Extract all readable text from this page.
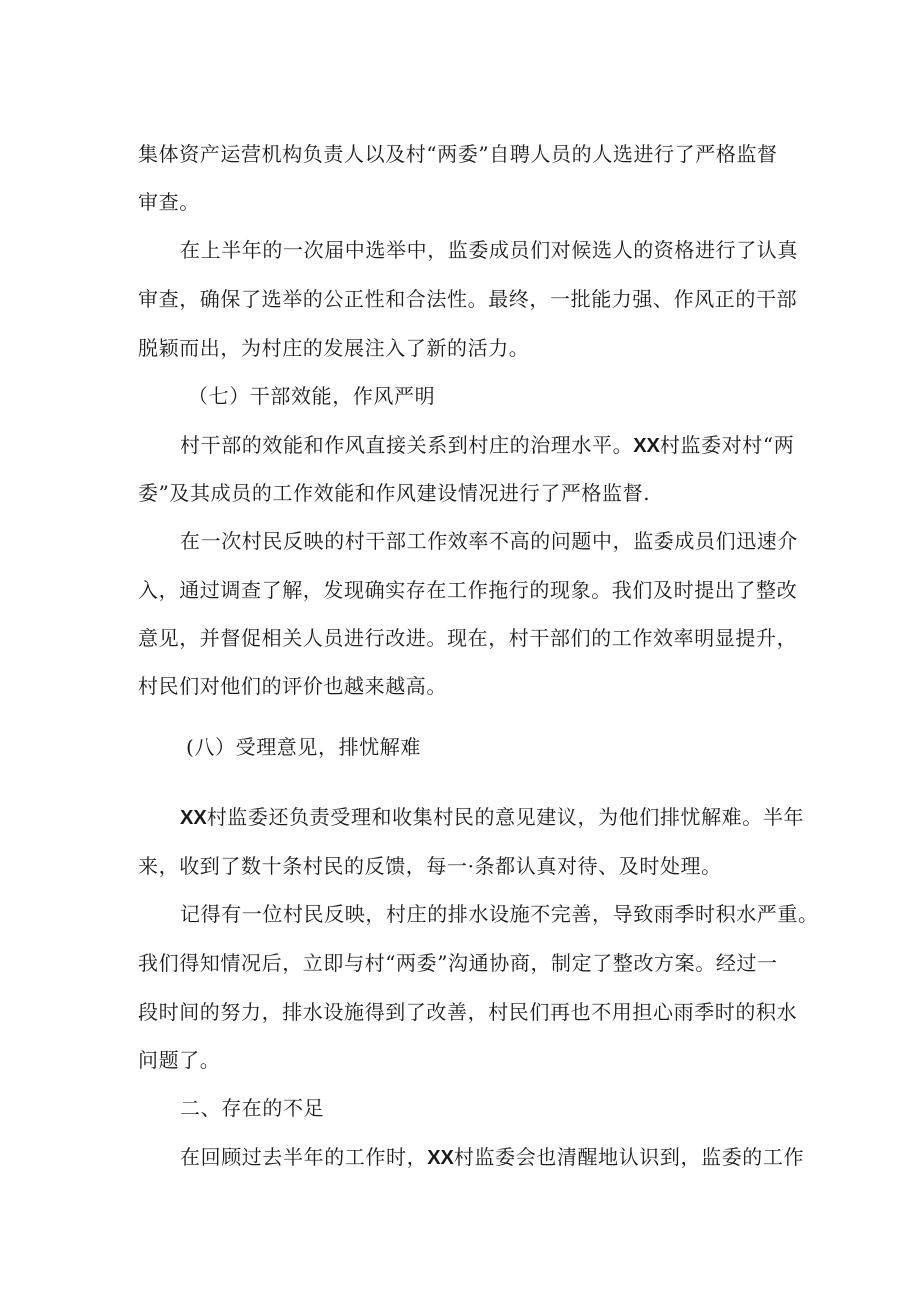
集体资产运营机构负责人以及村“两委”自聘人员的人选进行了严格监督
审查。
在上半年的一次届中选举中，监委成员们对候选人的资格进行了认真
审查，确保了选举的公正性和合法性。最终，一批能力强、作风正的干部
脱颖而出，为村庄的发展注入了新的活力。
（七）干部效能，作风严明
村干部的效能和作风直接关系到村庄的治理水平。XX村监委对村“两
委”及其成员的工作效能和作风建设情况进行了严格监督.
在一次村民反映的村干部工作效率不高的问题中，监委成员们迅速介
入，通过调查了解，发现确实存在工作拖行的现象。我们及时提出了整改
意见，并督促相关人员进行改进。现在，村干部们的工作效率明显提升，
村民们对他们的评价也越来越高。
(八）受理意见，排忧解难
XX村监委还负责受理和收集村民的意见建议，为他们排忧解难。半年
来，收到了数十条村民的反馈，每一·条都认真对待、及时处理。
记得有一位村民反映，村庄的排水设施不完善，导致雨季时积水严重。
我们得知情况后，立即与村“两委”沟通协商，制定了整改方案。经过一
段时间的努力，排水设施得到了改善，村民们再也不用担心雨季时的积水
问题了。
二、存在的不足
在回顾过去半年的工作时，XX村监委会也清醒地认识到，监委的工作
